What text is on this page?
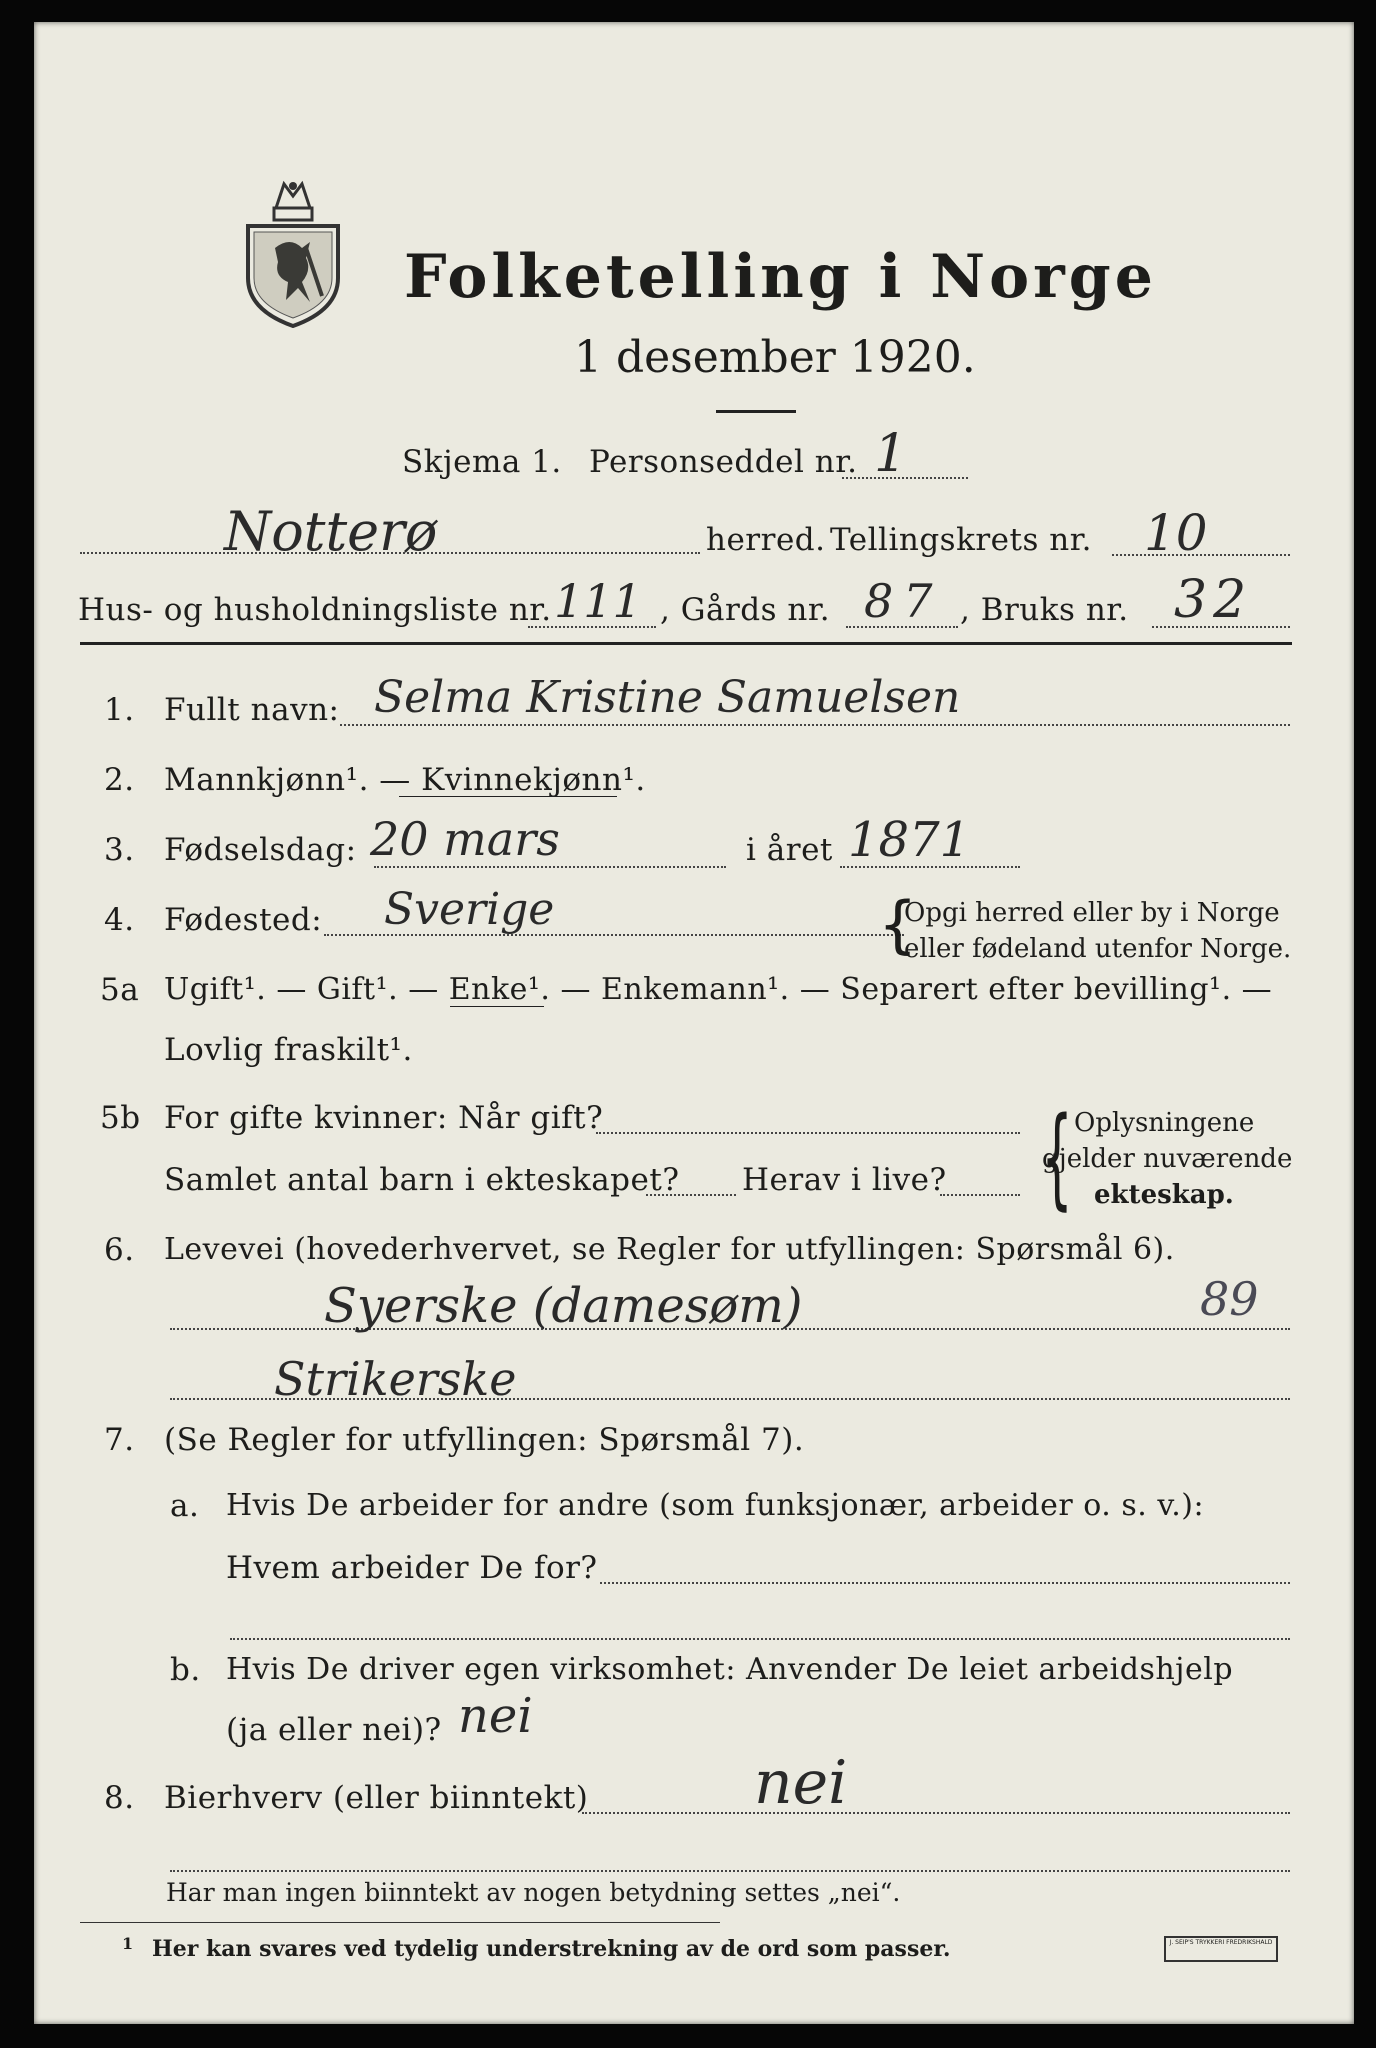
Folketelling i Norge
1 desember 1920.
Skjema 1. Personseddel nr. 1
Notterø	herred. Tellingskrets nr. 10
Hus- og husholdningsliste nr. 111 , Gårds nr. 87 , Bruks nr. 32
1. Fullt navn: Selma Kristine Samuelsen
2. Mannkjønn¹. — Kvinnekjønn¹.
3. Fødselsdag: 20 mars	i året 1871
4. Fødested: Sverige	{
Opgi herred eller by i Norge
eller fødeland utenfor Norge.
5a Ugift¹. — Gift¹. — Enke¹. — Enkemann¹. — Separert efter bevilling¹. —
Lovlig fraskilt¹.
5b For gifte kvinner: Når gift?
Samlet antal barn i ekteskapet? Herav i live? { Oplysningene
gjelder nuværende
ekteskap.
6. Levevei (hovederhvervet, se Regler for utfyllingen: Spørsmål 6).
Syerske (damesøm)	89
Strikerske
7. (Se Regler for utfyllingen: Spørsmål 7).
a. Hvis De arbeider for andre (som funksjonær, arbeider o. s. v.):
Hvem arbeider De for?
b. Hvis De driver egen virksomhet: Anvender De leiet arbeidshjelp
(ja eller nei)? nei
8. Bierhverv (eller biinntekt)	nei
Har man ingen biinntekt av nogen betydning settes „nei“.
1 Her kan svares ved tydelig understrekning av de ord som passer.	J. SEIP'S TRYKKERI FREDRIKSHALD
